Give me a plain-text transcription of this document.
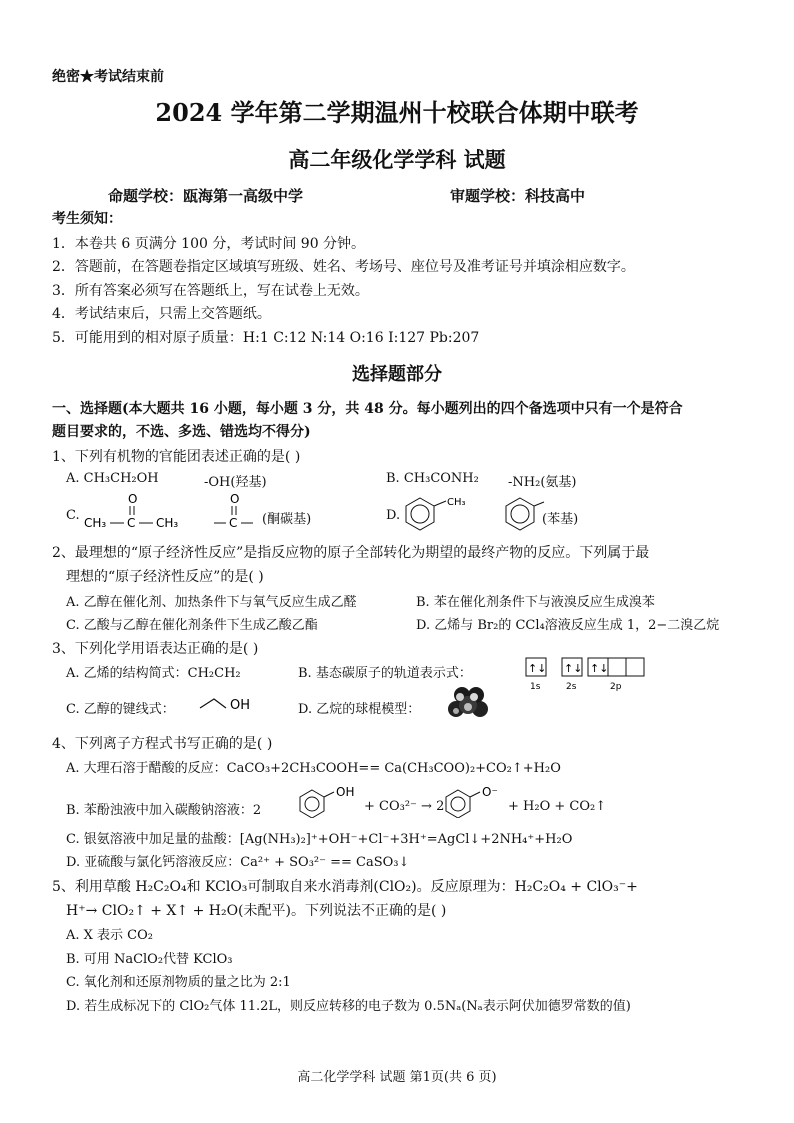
绝密★考试结束前
2024 学年第二学期温州十校联合体期中联考
高二年级化学学科 试题
命题学校：瓯海第一高级中学	审题学校：科技高中
考生须知：
1．本卷共 6 页满分 100 分，考试时间 90 分钟。
2．答题前，在答题卷指定区域填写班级、姓名、考场号、座位号及准考证号并填涂相应数字。
3．所有答案必须写在答题纸上，写在试卷上无效。
4．考试结束后，只需上交答题纸。
5．可能用到的相对原子质量：H:1 C:12 N:14 O:16 I:127 Pb:207
选择题部分
一、选择题(本大题共 16 小题，每小题 3 分，共 48 分。每小题列出的四个备选项中只有一个是符合
题目要求的，不选、多选、错选均不得分)
1、下列有机物的官能团表述正确的是( )
A. CH₃CH₂OH	-OH(羟基)	B. CH₃CONH₂ -NH₂(氨基)
C.
O
CH₃ C CH₃
O
C (酮碳基)	D.
CH₃
(苯基)
2、最理想的“原子经济性反应”是指反应物的原子全部转化为期望的最终产物的反应。下列属于最
理想的“原子经济性反应”的是( )
A. 乙醇在催化剂、加热条件下与氧气反应生成乙醛	B. 苯在催化剂条件下与液溴反应生成溴苯
C. 乙酸与乙醇在催化剂条件下生成乙酸乙酯	D. 乙烯与 Br₂的 CCl₄溶液反应生成 1，2−二溴乙烷
3、下列化学用语表达正确的是( )
A. 乙烯的结构简式：CH₂CH₂	B. 基态碳原子的轨道表示式：	↑↓ ↑↓ ↑↓
1s	2s	2p
C. 乙醇的键线式：	OH	D. 乙烷的球棍模型：
4、下列离子方程式书写正确的是( )
A. 大理石溶于醋酸的反应：CaCO₃+2CH₃COOH== Ca(CH₃COO)₂+CO₂↑+H₂O
B. 苯酚浊液中加入碳酸钠溶液：2
OH
+ CO₃²⁻ → 2
O⁻
+ H₂O + CO₂↑
C. 银氨溶液中加足量的盐酸：[Ag(NH₃)₂]⁺+OH⁻+Cl⁻+3H⁺=AgCl↓+2NH₄⁺+H₂O
D. 亚硫酸与氯化钙溶液反应：Ca²⁺ + SO₃²⁻ == CaSO₃↓
5、利用草酸 H₂C₂O₄和 KClO₃可制取自来水消毒剂(ClO₂)。反应原理为：H₂C₂O₄ + ClO₃⁻+
H⁺→ ClO₂↑ + X↑ + H₂O(未配平)。下列说法不正确的是( )
A. X 表示 CO₂
B. 可用 NaClO₂代替 KClO₃
C. 氧化剂和还原剂物质的量之比为 2:1
D. 若生成标况下的 ClO₂气体 11.2L，则反应转移的电子数为 0.5Nₐ(Nₐ表示阿伏加德罗常数的值)
高二化学学科 试题 第1页(共 6 页)
